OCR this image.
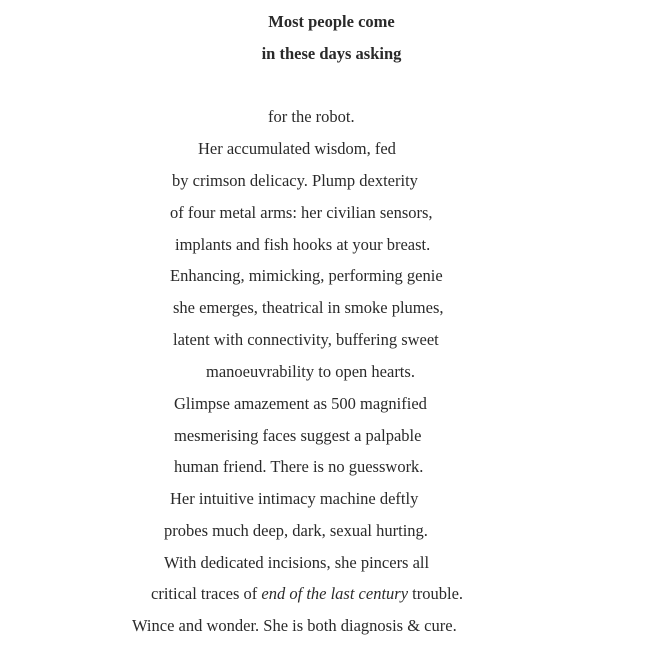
Most people come
in these days asking
for the robot.
Her accumulated wisdom, fed
by crimson delicacy. Plump dexterity
of four metal arms: her civilian sensors,
implants and fish hooks at your breast.
Enhancing, mimicking, performing genie
she emerges, theatrical in smoke plumes,
latent with connectivity, buffering sweet
manoeuvrability to open hearts.
Glimpse amazement as 500 magnified
mesmerising faces suggest a palpable
human friend. There is no guesswork.
Her intuitive intimacy machine deftly
probes much deep, dark, sexual hurting.
With dedicated incisions, she pincers all
critical traces of end of the last century trouble.
Wince and wonder. She is both diagnosis & cure.
